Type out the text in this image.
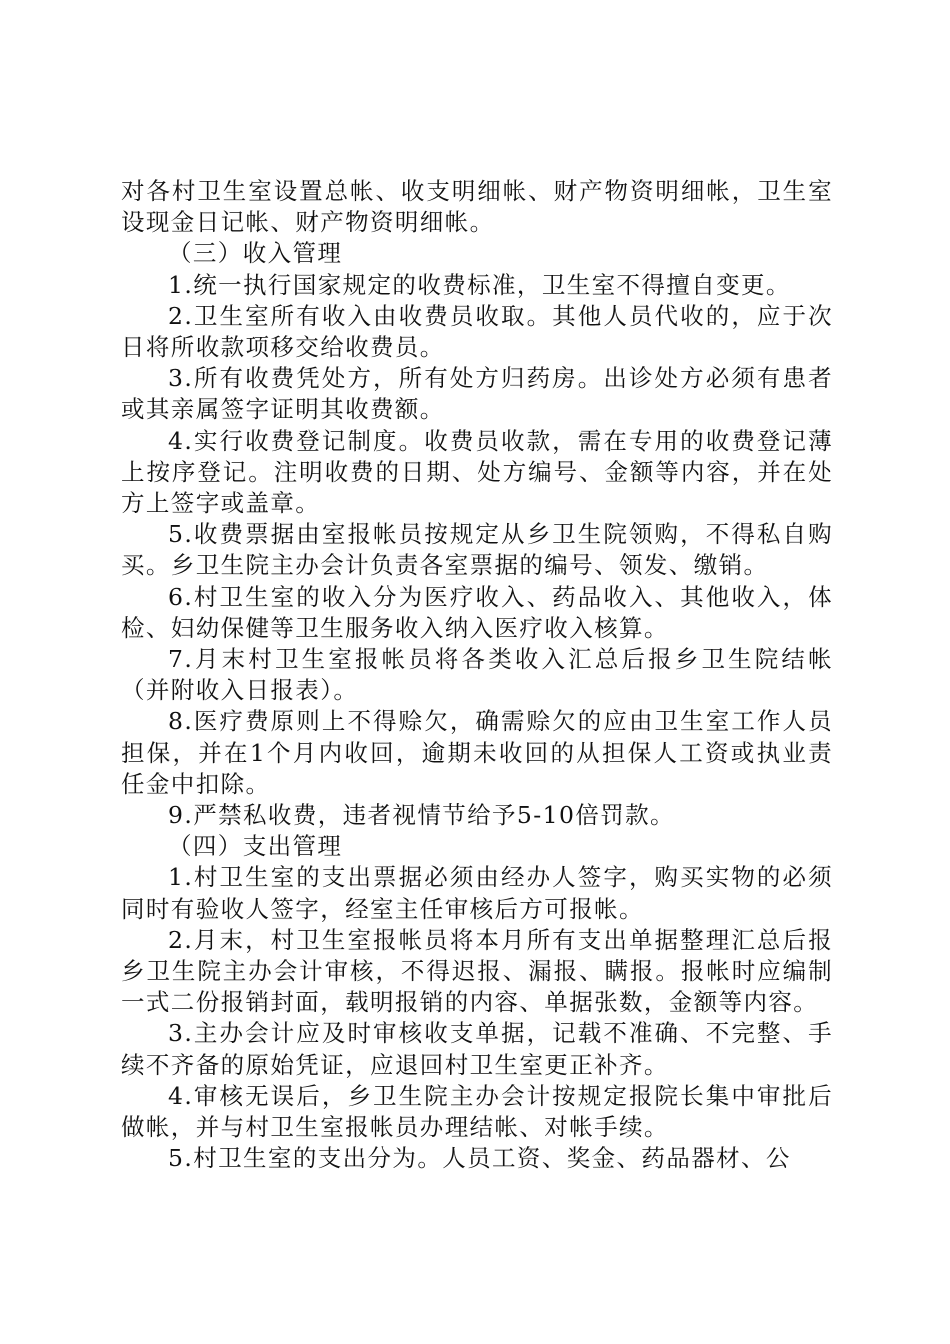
对各村卫生室设置总帐、收支明细帐、财产物资明细帐，卫生室设现金日记帐、财产物资明细帐。

（三）收入管理

1.统一执行国家规定的收费标准，卫生室不得擅自变更。

2.卫生室所有收入由收费员收取。其他人员代收的，应于次日将所收款项移交给收费员。

3.所有收费凭处方，所有处方归药房。出诊处方必须有患者或其亲属签字证明其收费额。

4.实行收费登记制度。收费员收款，需在专用的收费登记薄上按序登记。注明收费的日期、处方编号、金额等内容，并在处方上签字或盖章。

5.收费票据由室报帐员按规定从乡卫生院领购，不得私自购买。乡卫生院主办会计负责各室票据的编号、领发、缴销。

6.村卫生室的收入分为医疗收入、药品收入、其他收入，体检、妇幼保健等卫生服务收入纳入医疗收入核算。

7.月末村卫生室报帐员将各类收入汇总后报乡卫生院结帐（并附收入日报表）。

8.医疗费原则上不得赊欠，确需赊欠的应由卫生室工作人员担保，并在1个月内收回，逾期未收回的从担保人工资或执业责任金中扣除。

9.严禁私收费，违者视情节给予5-10倍罚款。

（四）支出管理

1.村卫生室的支出票据必须由经办人签字，购买实物的必须同时有验收人签字，经室主任审核后方可报帐。

2.月末，村卫生室报帐员将本月所有支出单据整理汇总后报乡卫生院主办会计审核，不得迟报、漏报、瞒报。报帐时应编制一式二份报销封面，载明报销的内容、单据张数，金额等内容。

3.主办会计应及时审核收支单据，记载不准确、不完整、手续不齐备的原始凭证，应退回村卫生室更正补齐。

4.审核无误后，乡卫生院主办会计按规定报院长集中审批后做帐，并与村卫生室报帐员办理结帐、对帐手续。

5.村卫生室的支出分为。人员工资、奖金、药品器材、公
